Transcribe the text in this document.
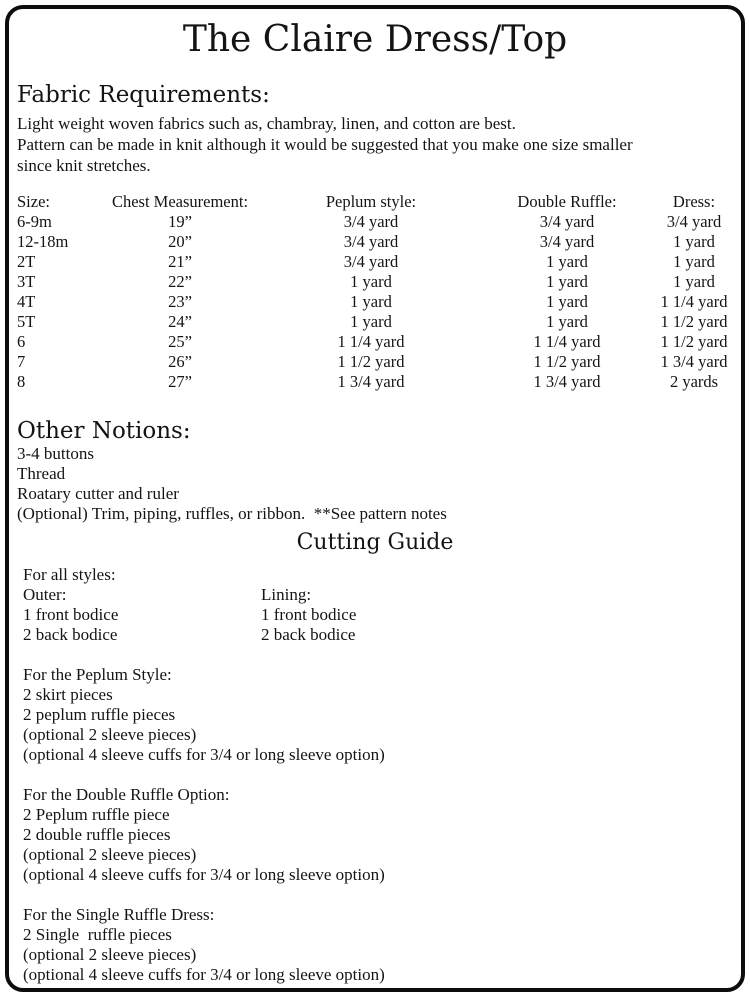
The Claire Dress/Top
Fabric Requirements:
Light weight woven fabrics such as, chambray, linen, and cotton are best.
Pattern can be made in knit although it would be suggested that you make one size smaller
since knit stretches.
Size:	Chest Measurement:	Peplum style:	Double Ruffle:	Dress:
6-9m	19”	3/4 yard	3/4 yard	3/4 yard
12-18m	20”	3/4 yard	3/4 yard	1 yard
2T	21”	3/4 yard	1 yard	1 yard
3T	22”	1 yard	1 yard	1 yard
4T	23”	1 yard	1 yard	1 1/4 yard
5T	24”	1 yard	1 yard	1 1/2 yard
6	25”	1 1/4 yard	1 1/4 yard	1 1/2 yard
7	26”	1 1/2 yard	1 1/2 yard	1 3/4 yard
8	27”	1 3/4 yard	1 3/4 yard	2 yards
Other Notions:
3-4 buttons
Thread
Roatary cutter and ruler
(Optional) Trim, piping, ruffles, or ribbon.  **See pattern notes
Cutting Guide
For all styles:
Outer:	Lining:
1 front bodice	1 front bodice
2 back bodice	2 back bodice
For the Peplum Style:
2 skirt pieces
2 peplum ruffle pieces
(optional 2 sleeve pieces)
(optional 4 sleeve cuffs for 3/4 or long sleeve option)
For the Double Ruffle Option:
2 Peplum ruffle piece
2 double ruffle pieces
(optional 2 sleeve pieces)
(optional 4 sleeve cuffs for 3/4 or long sleeve option)
For the Single Ruffle Dress:
2 Single  ruffle pieces
(optional 2 sleeve pieces)
(optional 4 sleeve cuffs for 3/4 or long sleeve option)
